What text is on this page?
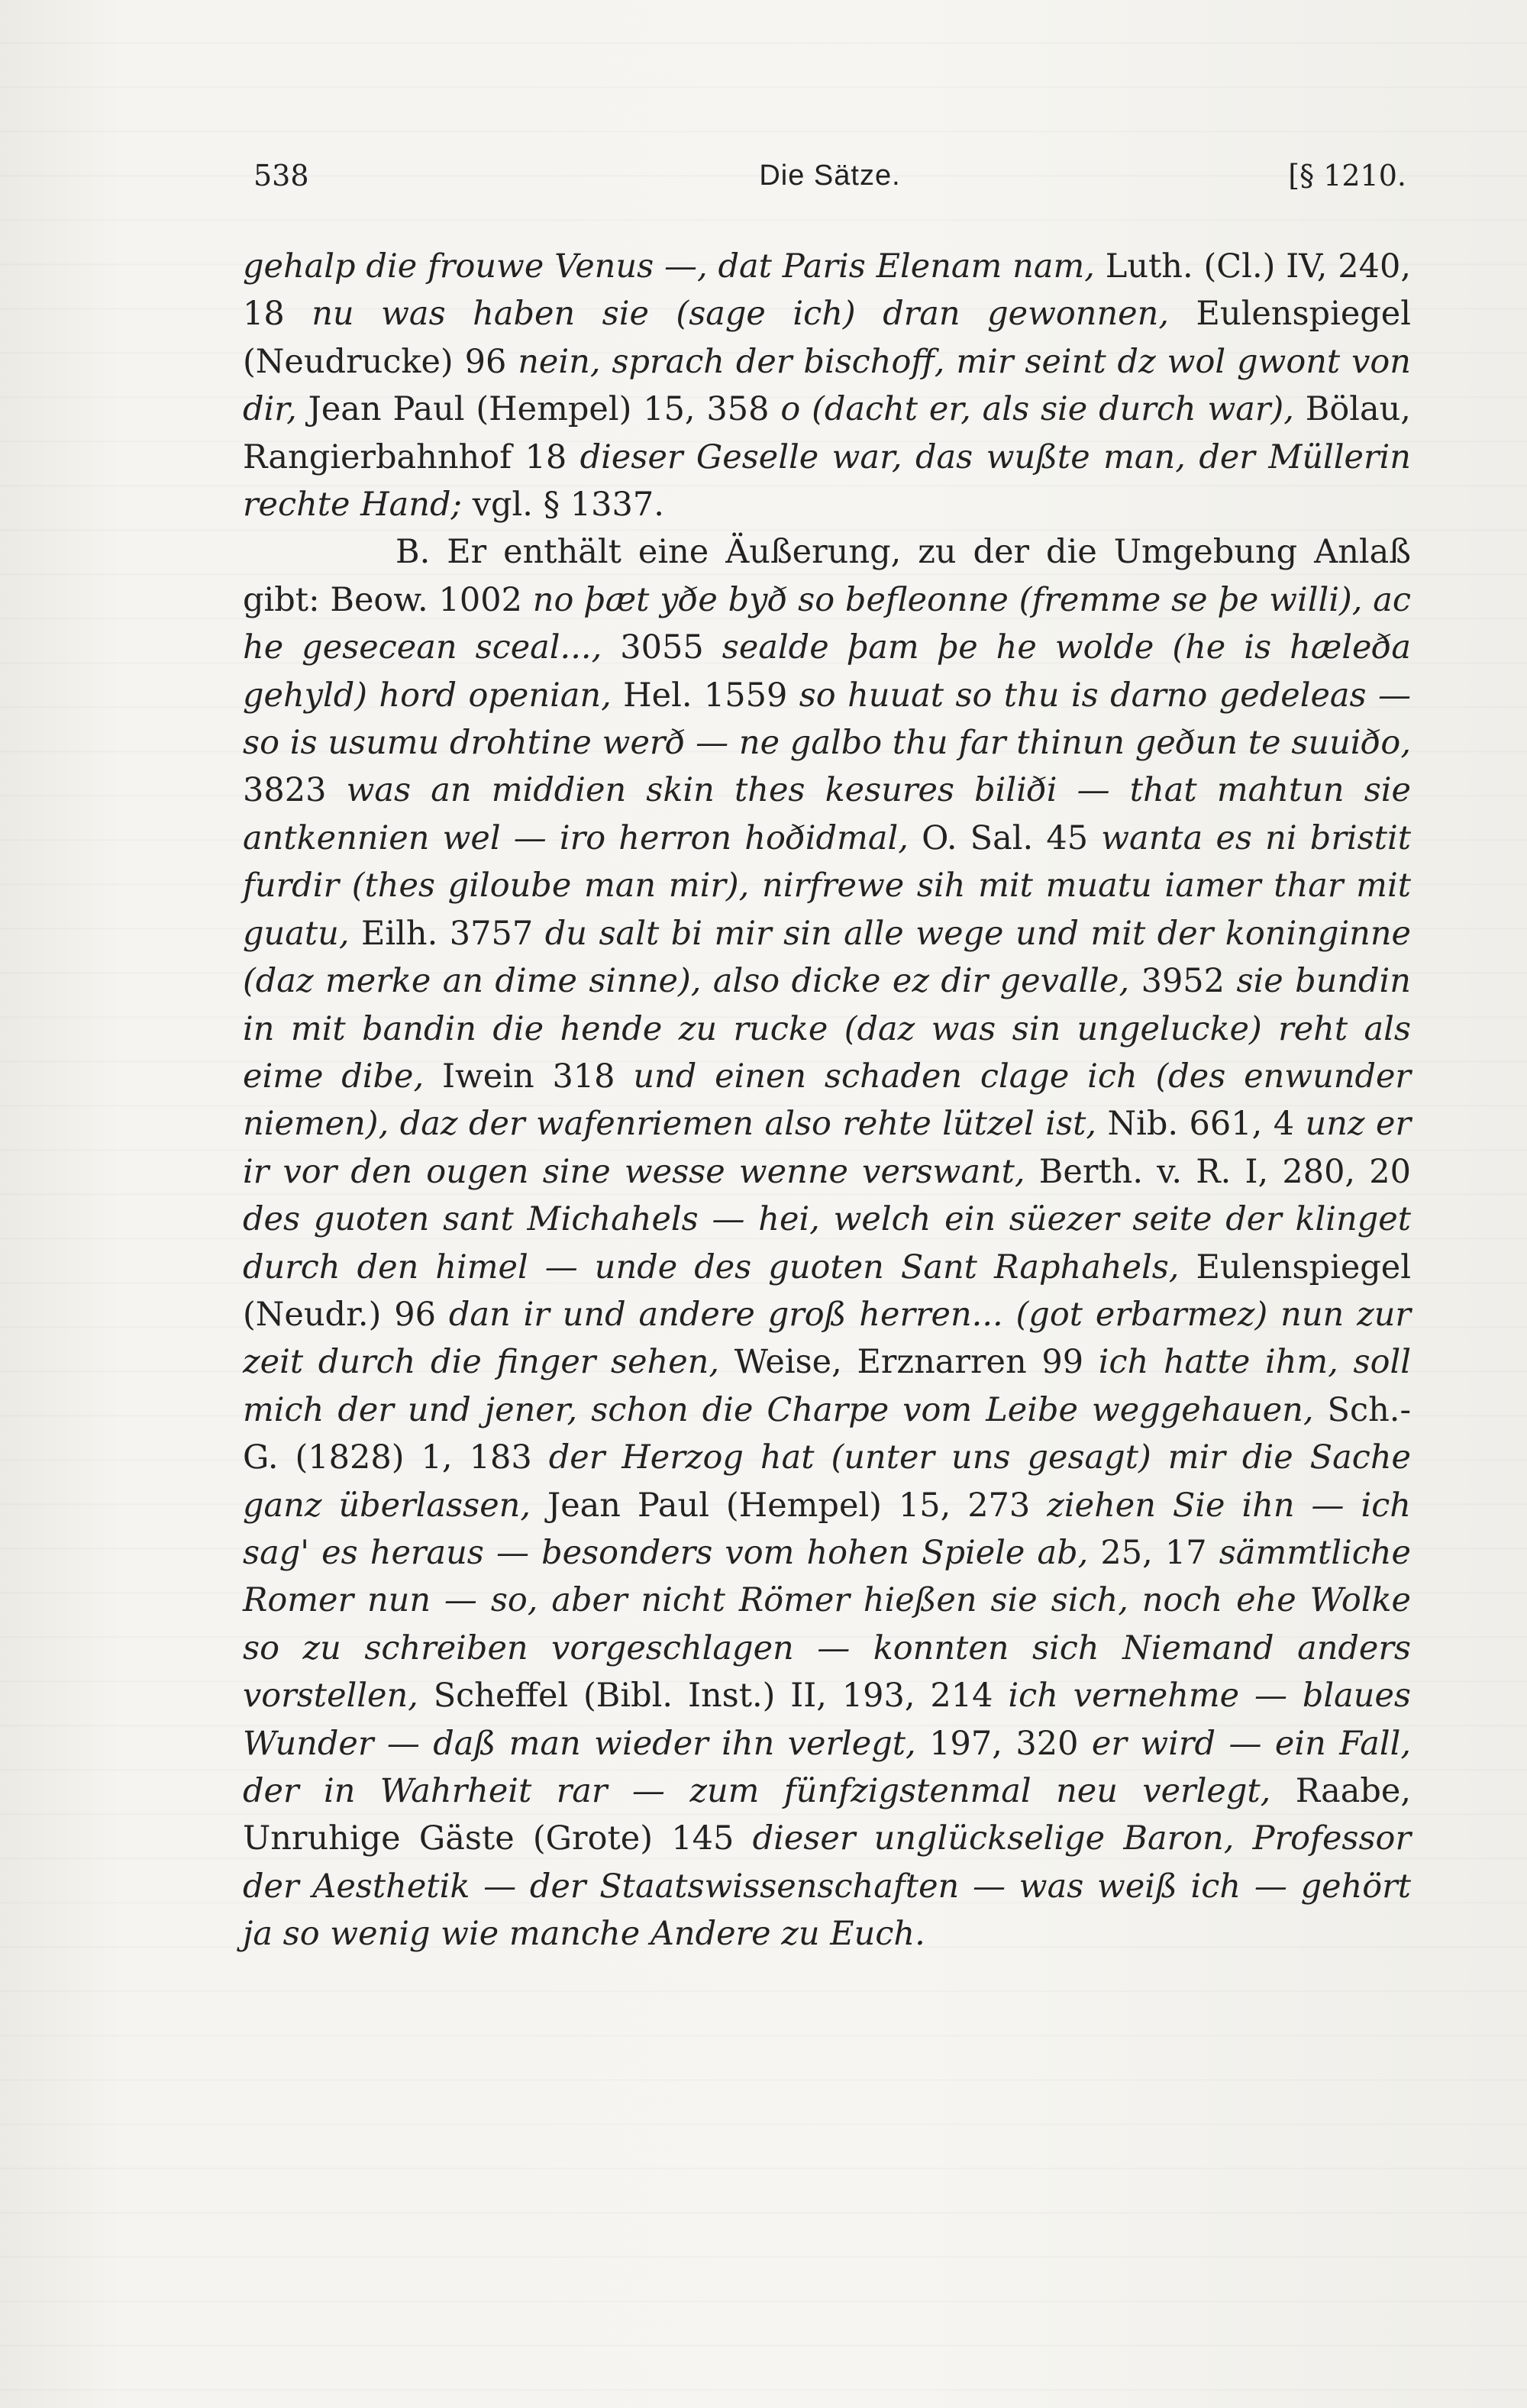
538	Die Sätze.	[§ 1210.

gehalp die frouwe Venus —, dat Paris Elenam nam, Luth. (Cl.) IV, 240, 18 nu was haben sie (sage ich) dran gewonnen, Eulenspiegel (Neudrucke) 96 nein, sprach der bischoff, mir seint dz wol gwont von dir, Jean Paul (Hempel) 15, 358 o (dacht er, als sie durch war), Bölau, Rangierbahnhof 18 dieser Geselle war, das wußte man, der Müllerin rechte Hand; vgl. § 1337.

B. Er enthält eine Äußerung, zu der die Umgebung Anlaß gibt: Beow. 1002 no þæt yðe byð so befleonne (fremme se þe willi), ac he gesecean sceal..., 3055 sealde þam þe he wolde (he is hæleða gehyld) hord openian, Hel. 1559 so huuat so thu is darno gedeleas — so is usumu drohtine werð — ne galbo thu far thinun geðun te suuiðo, 3823 was an middien skin thes kesures biliði — that mahtun sie antkennien wel — iro herron hoðidmal, O. Sal. 45 wanta es ni bristit furdir (thes giloube man mir), nirfrewe sih mit muatu iamer thar mit guatu, Eilh. 3757 du salt bi mir sin alle wege und mit der koninginne (daz merke an dime sinne), also dicke ez dir gevalle, 3952 sie bundin in mit bandin die hende zu rucke (daz was sin ungelucke) reht als eime dibe, Iwein 318 und einen schaden clage ich (des enwunder niemen), daz der wafenriemen also rehte lützel ist, Nib. 661, 4 unz er ir vor den ougen sine wesse wenne verswant, Berth. v. R. I, 280, 20 des guoten sant Michahels — hei, welch ein süezer seite der klinget durch den himel — unde des guoten Sant Raphahels, Eulenspiegel (Neudr.) 96 dan ir und andere groß herren... (got erbarmez) nun zur zeit durch die finger sehen, Weise, Erznarren 99 ich hatte ihm, soll mich der und jener, schon die Charpe vom Leibe weggehauen, Sch.-G. (1828) 1, 183 der Herzog hat (unter uns gesagt) mir die Sache ganz überlassen, Jean Paul (Hempel) 15, 273 ziehen Sie ihn — ich sag' es heraus — besonders vom hohen Spiele ab, 25, 17 sämmtliche Romer nun — so, aber nicht Römer hießen sie sich, noch ehe Wolke so zu schreiben vorgeschlagen — konnten sich Niemand anders vorstellen, Scheffel (Bibl. Inst.) II, 193, 214 ich vernehme — blaues Wunder — daß man wieder ihn verlegt, 197, 320 er wird — ein Fall, der in Wahrheit rar — zum fünfzigstenmal neu verlegt, Raabe, Unruhige Gäste (Grote) 145 dieser unglückselige Baron, Professor der Aesthetik — der Staatswissenschaften — was weiß ich — gehört ja so wenig wie manche Andere zu Euch.
